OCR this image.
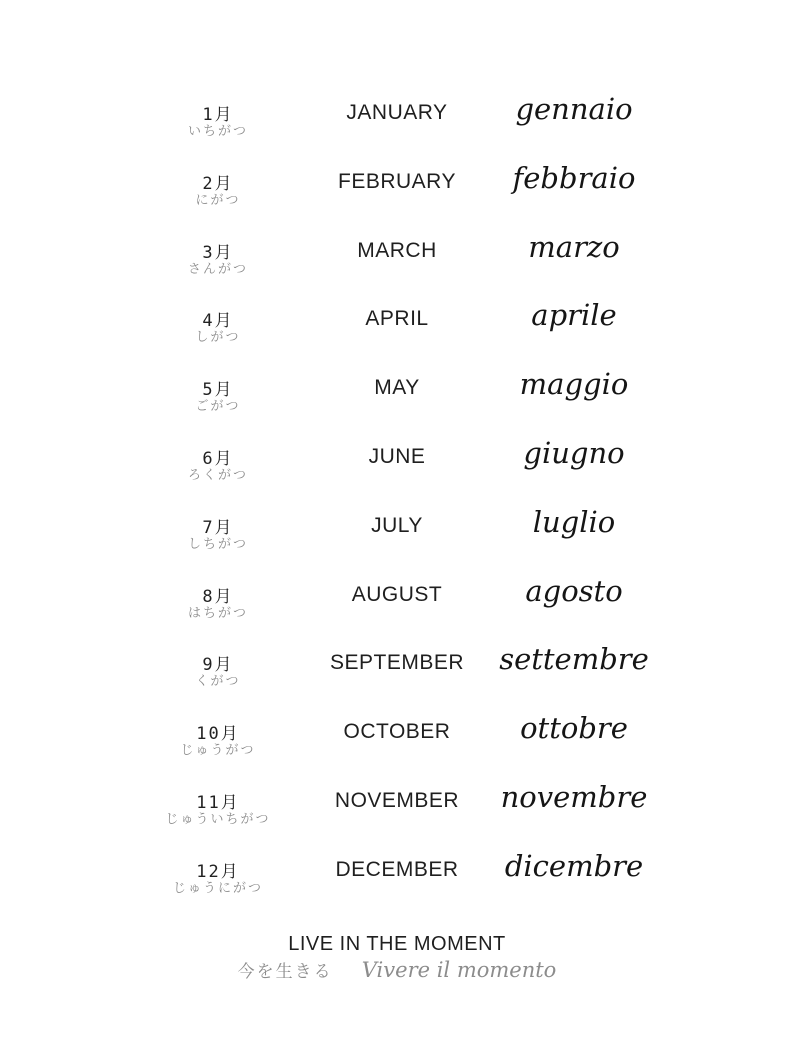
1月
いちがつ
JANUARY gennaio
2月
にがつ
FEBRUARY febbraio
3月
さんがつ
MARCH	marzo
4月
しがつ
APRIL	aprile
5月
ごがつ
MAY	maggio
6月
ろくがつ
JUNE	giugno
7月
しちがつ
JULY	luglio
8月
はちがつ
AUGUST	agosto
9月
くがつ
SEPTEMBER settembre
10月
じゅうがつ
OCTOBER ottobre
11月
じゅういちがつ
NOVEMBER novembre
12月
じゅうにがつ
DECEMBER dicembre
LIVE IN THE MOMENT
今を生きる Vivere il momento
